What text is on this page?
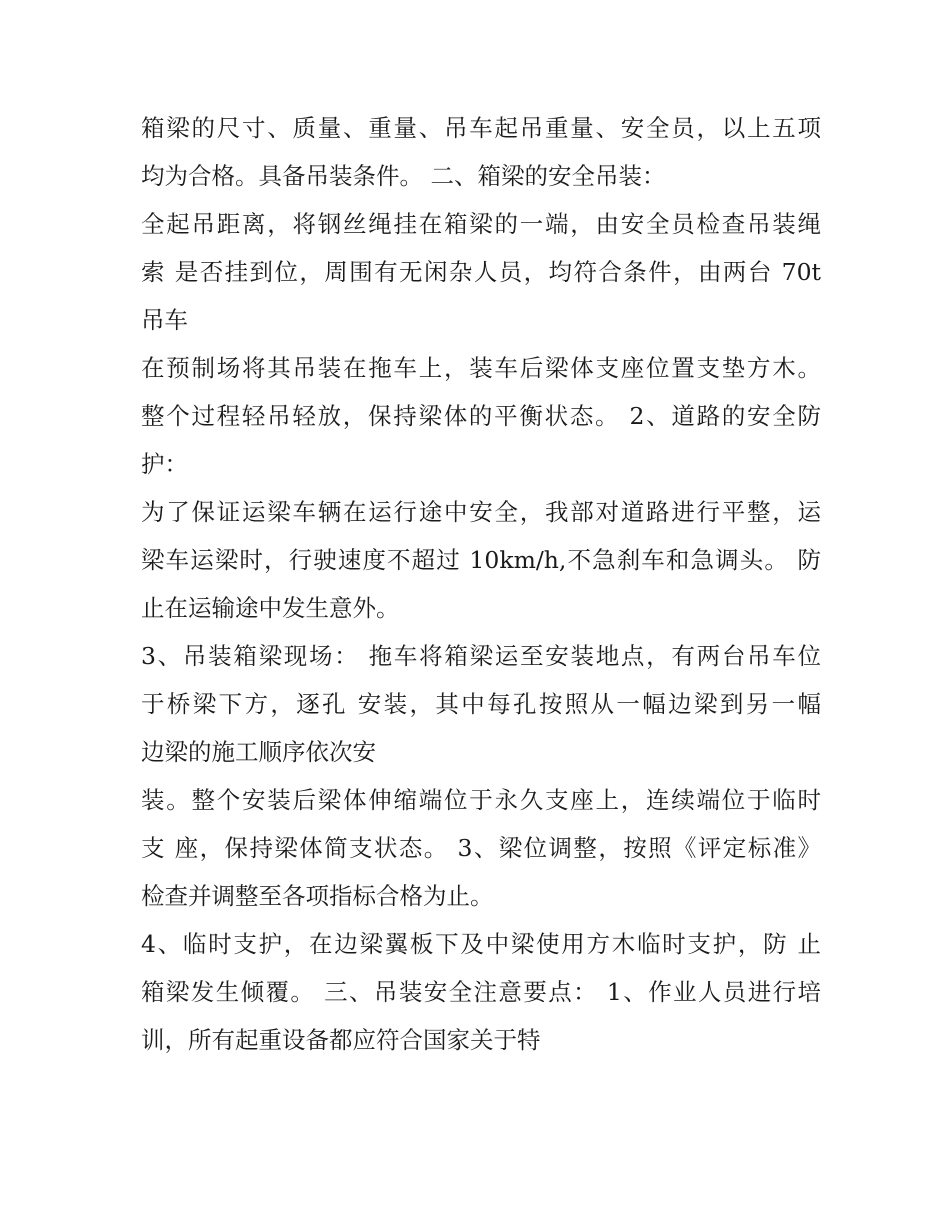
箱梁的尺寸、质量、重量、吊车起吊重量、安全员，以上五项
均为合格。具备吊装条件。 二、箱梁的安全吊装：
全起吊距离，将钢丝绳挂在箱梁的一端，由安全员检查吊装绳
索 是否挂到位，周围有无闲杂人员，均符合条件，由两台 70t
吊车
在预制场将其吊装在拖车上，装车后梁体支座位置支垫方木。
整个过程轻吊轻放，保持梁体的平衡状态。 2、道路的安全防
护：
为了保证运梁车辆在运行途中安全，我部对道路进行平整，运
梁车运梁时，行驶速度不超过 10km/h,不急刹车和急调头。 防
止在运输途中发生意外。
3、吊装箱梁现场： 拖车将箱梁运至安装地点，有两台吊车位
于桥梁下方，逐孔 安装，其中每孔按照从一幅边梁到另一幅
边梁的施工顺序依次安
装。整个安装后梁体伸缩端位于永久支座上，连续端位于临时
支 座，保持梁体简支状态。 3、梁位调整，按照《评定标准》
检查并调整至各项指标合格为止。
4、临时支护，在边梁翼板下及中梁使用方木临时支护，防 止
箱梁发生倾覆。 三、吊装安全注意要点： 1、作业人员进行培
训，所有起重设备都应符合国家关于特
